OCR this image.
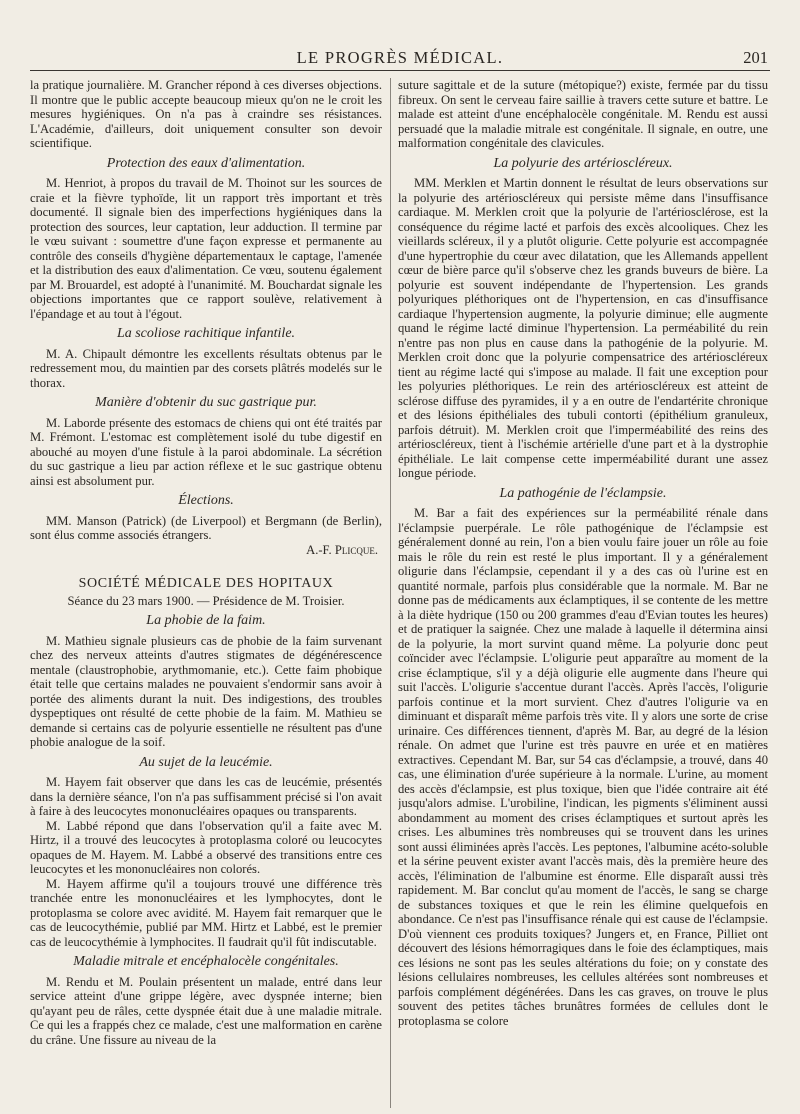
LE PROGRÈS MÉDICAL.	201

la pratique journalière. M. Grancher répond à ces diverses objections. Il montre que le public accepte beaucoup mieux qu'on ne le croit les mesures hygiéniques. On n'a pas à craindre ses résistances. L'Académie, d'ailleurs, doit uniquement consulter son devoir scientifique.

Protection des eaux d'alimentation.

M. Henriot, à propos du travail de M. Thoinot sur les sources de craie et la fièvre typhoïde, lit un rapport très important et très documenté. Il signale bien des imperfections hygiéniques dans la protection des sources, leur captation, leur adduction. Il termine par le vœu suivant : soumettre d'une façon expresse et permanente au contrôle des conseils d'hygiène départementaux le captage, l'amenée et la distribution des eaux d'alimentation. Ce vœu, soutenu également par M. Brouardel, est adopté à l'unanimité. M. Bouchardat signale les objections importantes que ce rapport soulève, relativement à l'épandage et au tout à l'égout.

La scoliose rachitique infantile.

M. A. Chipault démontre les excellents résultats obtenus par le redressement mou, du maintien par des corsets plâtrés modelés sur le thorax.

Manière d'obtenir du suc gastrique pur.

M. Laborde présente des estomacs de chiens qui ont été traités par M. Frémont. L'estomac est complètement isolé du tube digestif en abouché au moyen d'une fistule à la paroi abdominale. La sécrétion du suc gastrique a lieu par action réflexe et le suc gastrique obtenu ainsi est absolument pur.

Élections.

MM. Manson (Patrick) (de Liverpool) et Bergmann (de Berlin), sont élus comme associés étrangers.

A.-F. Plicque.
SOCIÉTÉ MÉDICALE DES HOPITAUX
Séance du 23 mars 1900. — Présidence de M. Troisier.
La phobie de la faim.

M. Mathieu signale plusieurs cas de phobie de la faim survenant chez des nerveux atteints d'autres stigmates de dégénérescence mentale (claustrophobie, arythmomanie, etc.). Cette faim phobique était telle que certains malades ne pouvaient s'endormir sans avoir à portée des aliments durant la nuit. Des indigestions, des troubles dyspeptiques ont résulté de cette phobie de la faim. M. Mathieu se demande si certains cas de polyurie essentielle ne résultent pas d'une phobie analogue de la soif.

Au sujet de la leucémie.

M. Hayem fait observer que dans les cas de leucémie, présentés dans la dernière séance, l'on n'a pas suffisamment précisé si l'on avait à faire à des leucocytes mononucléaires opaques ou transparents.

M. Labbé répond que dans l'observation qu'il a faite avec M. Hirtz, il a trouvé des leucocytes à protoplasma coloré ou leucocytes opaques de M. Hayem. M. Labbé a observé des transitions entre ces leucocytes et les mononucléaires non colorés.

M. Hayem affirme qu'il a toujours trouvé une différence très tranchée entre les mononucléaires et les lymphocytes, dont le protoplasma se colore avec avidité. M. Hayem fait remarquer que le cas de leucocythémie, publié par MM. Hirtz et Labbé, est le premier cas de leucocythémie à lymphocites. Il faudrait qu'il fût indiscutable.

Maladie mitrale et encéphalocèle congénitales.

M. Rendu et M. Poulain présentent un malade, entré dans leur service atteint d'une grippe légère, avec dyspnée interne; bien qu'ayant peu de râles, cette dyspnée était due à une maladie mitrale. Ce qui les a frappés chez ce malade, c'est une malformation en carène du crâne. Une fissure au niveau de la

suture sagittale et de la suture (métopique?) existe, fermée par du tissu fibreux. On sent le cerveau faire saillie à travers cette suture et battre. Le malade est atteint d'une encéphalocèle congénitale. M. Rendu est aussi persuadé que la maladie mitrale est congénitale. Il signale, en outre, une malformation congénitale des clavicules.

La polyurie des artérioscléreux.

MM. Merklen et Martin donnent le résultat de leurs observations sur la polyurie des artérioscléreux qui persiste même dans l'insuffisance cardiaque. M. Merklen croit que la polyurie de l'artériosclérose, est la conséquence du régime lacté et parfois des excès alcooliques. Chez les vieillards scléreux, il y a plutôt oligurie. Cette polyurie est accompagnée d'une hypertrophie du cœur avec dilatation, que les Allemands appellent cœur de bière parce qu'il s'observe chez les grands buveurs de bière. La polyurie est souvent indépendante de l'hypertension. Les grands polyuriques pléthoriques ont de l'hypertension, en cas d'insuffisance cardiaque l'hypertension augmente, la polyurie diminue; elle augmente quand le régime lacté diminue l'hypertension. La perméabilité du rein n'entre pas non plus en cause dans la pathogénie de la polyurie. M. Merklen croit donc que la polyurie compensatrice des artérioscléreux tient au régime lacté qui s'impose au malade. Il fait une exception pour les polyuries pléthoriques. Le rein des artérioscléreux est atteint de sclérose diffuse des pyramides, il y a en outre de l'endartérite chronique et des lésions épithéliales des tubuli contorti (épithélium granuleux, parfois détruit). M. Merklen croit que l'imperméabilité des reins des artérioscléreux, tient à l'ischémie artérielle d'une part et à la dystrophie épithéliale. Le lait compense cette imperméabilité durant une assez longue période.

La pathogénie de l'éclampsie.

M. Bar a fait des expériences sur la perméabilité rénale dans l'éclampsie puerpérale. Le rôle pathogénique de l'éclampsie est généralement donné au rein, l'on a bien voulu faire jouer un rôle au foie mais le rôle du rein est resté le plus important. Il y a généralement oligurie dans l'éclampsie, cependant il y a des cas où l'urine est en quantité normale, parfois plus considérable que la normale. M. Bar ne donne pas de médicaments aux éclamptiques, il se contente de les mettre à la diète hydrique (150 ou 200 grammes d'eau d'Evian toutes les heures) et de pratiquer la saignée. Chez une malade à laquelle il détermina ainsi de la polyurie, la mort survint quand même. La polyurie donc peut coïncider avec l'éclampsie. L'oligurie peut apparaître au moment de la crise éclamptique, s'il y a déjà oligurie elle augmente dans l'heure qui suit l'accès. L'oligurie s'accentue durant l'accès. Après l'accès, l'oligurie parfois continue et la mort survient. Chez d'autres l'oligurie va en diminuant et disparaît même parfois très vite. Il y alors une sorte de crise urinaire. Ces différences tiennent, d'après M. Bar, au degré de la lésion rénale. On admet que l'urine est très pauvre en urée et en matières extractives. Cependant M. Bar, sur 54 cas d'éclampsie, a trouvé, dans 40 cas, une élimination d'urée supérieure à la normale. L'urine, au moment des accès d'éclampsie, est plus toxique, bien que l'idée contraire ait été jusqu'alors admise. L'urobiline, l'indican, les pigments s'éliminent aussi abondamment au moment des crises éclamptiques et surtout après les crises. Les albumines très nombreuses qui se trouvent dans les urines sont aussi éliminées après l'accès. Les peptones, l'albumine acéto-soluble et la sérine peuvent exister avant l'accès mais, dès la première heure des accès, l'élimination de l'albumine est énorme. Elle disparaît aussi très rapidement. M. Bar conclut qu'au moment de l'accès, le sang se charge de substances toxiques et que le rein les élimine quelquefois en abondance. Ce n'est pas l'insuffisance rénale qui est cause de l'éclampsie. D'où viennent ces produits toxiques? Jungers et, en France, Pilliet ont découvert des lésions hémorragiques dans le foie des éclamptiques, mais ces lésions ne sont pas les seules altérations du foie; on y constate des lésions cellulaires nombreuses, les cellules altérées sont nombreuses et parfois complément dégénérées. Dans les cas graves, on trouve le plus souvent des petites tâches brunâtres formées de cellules dont le protoplasma se colore
